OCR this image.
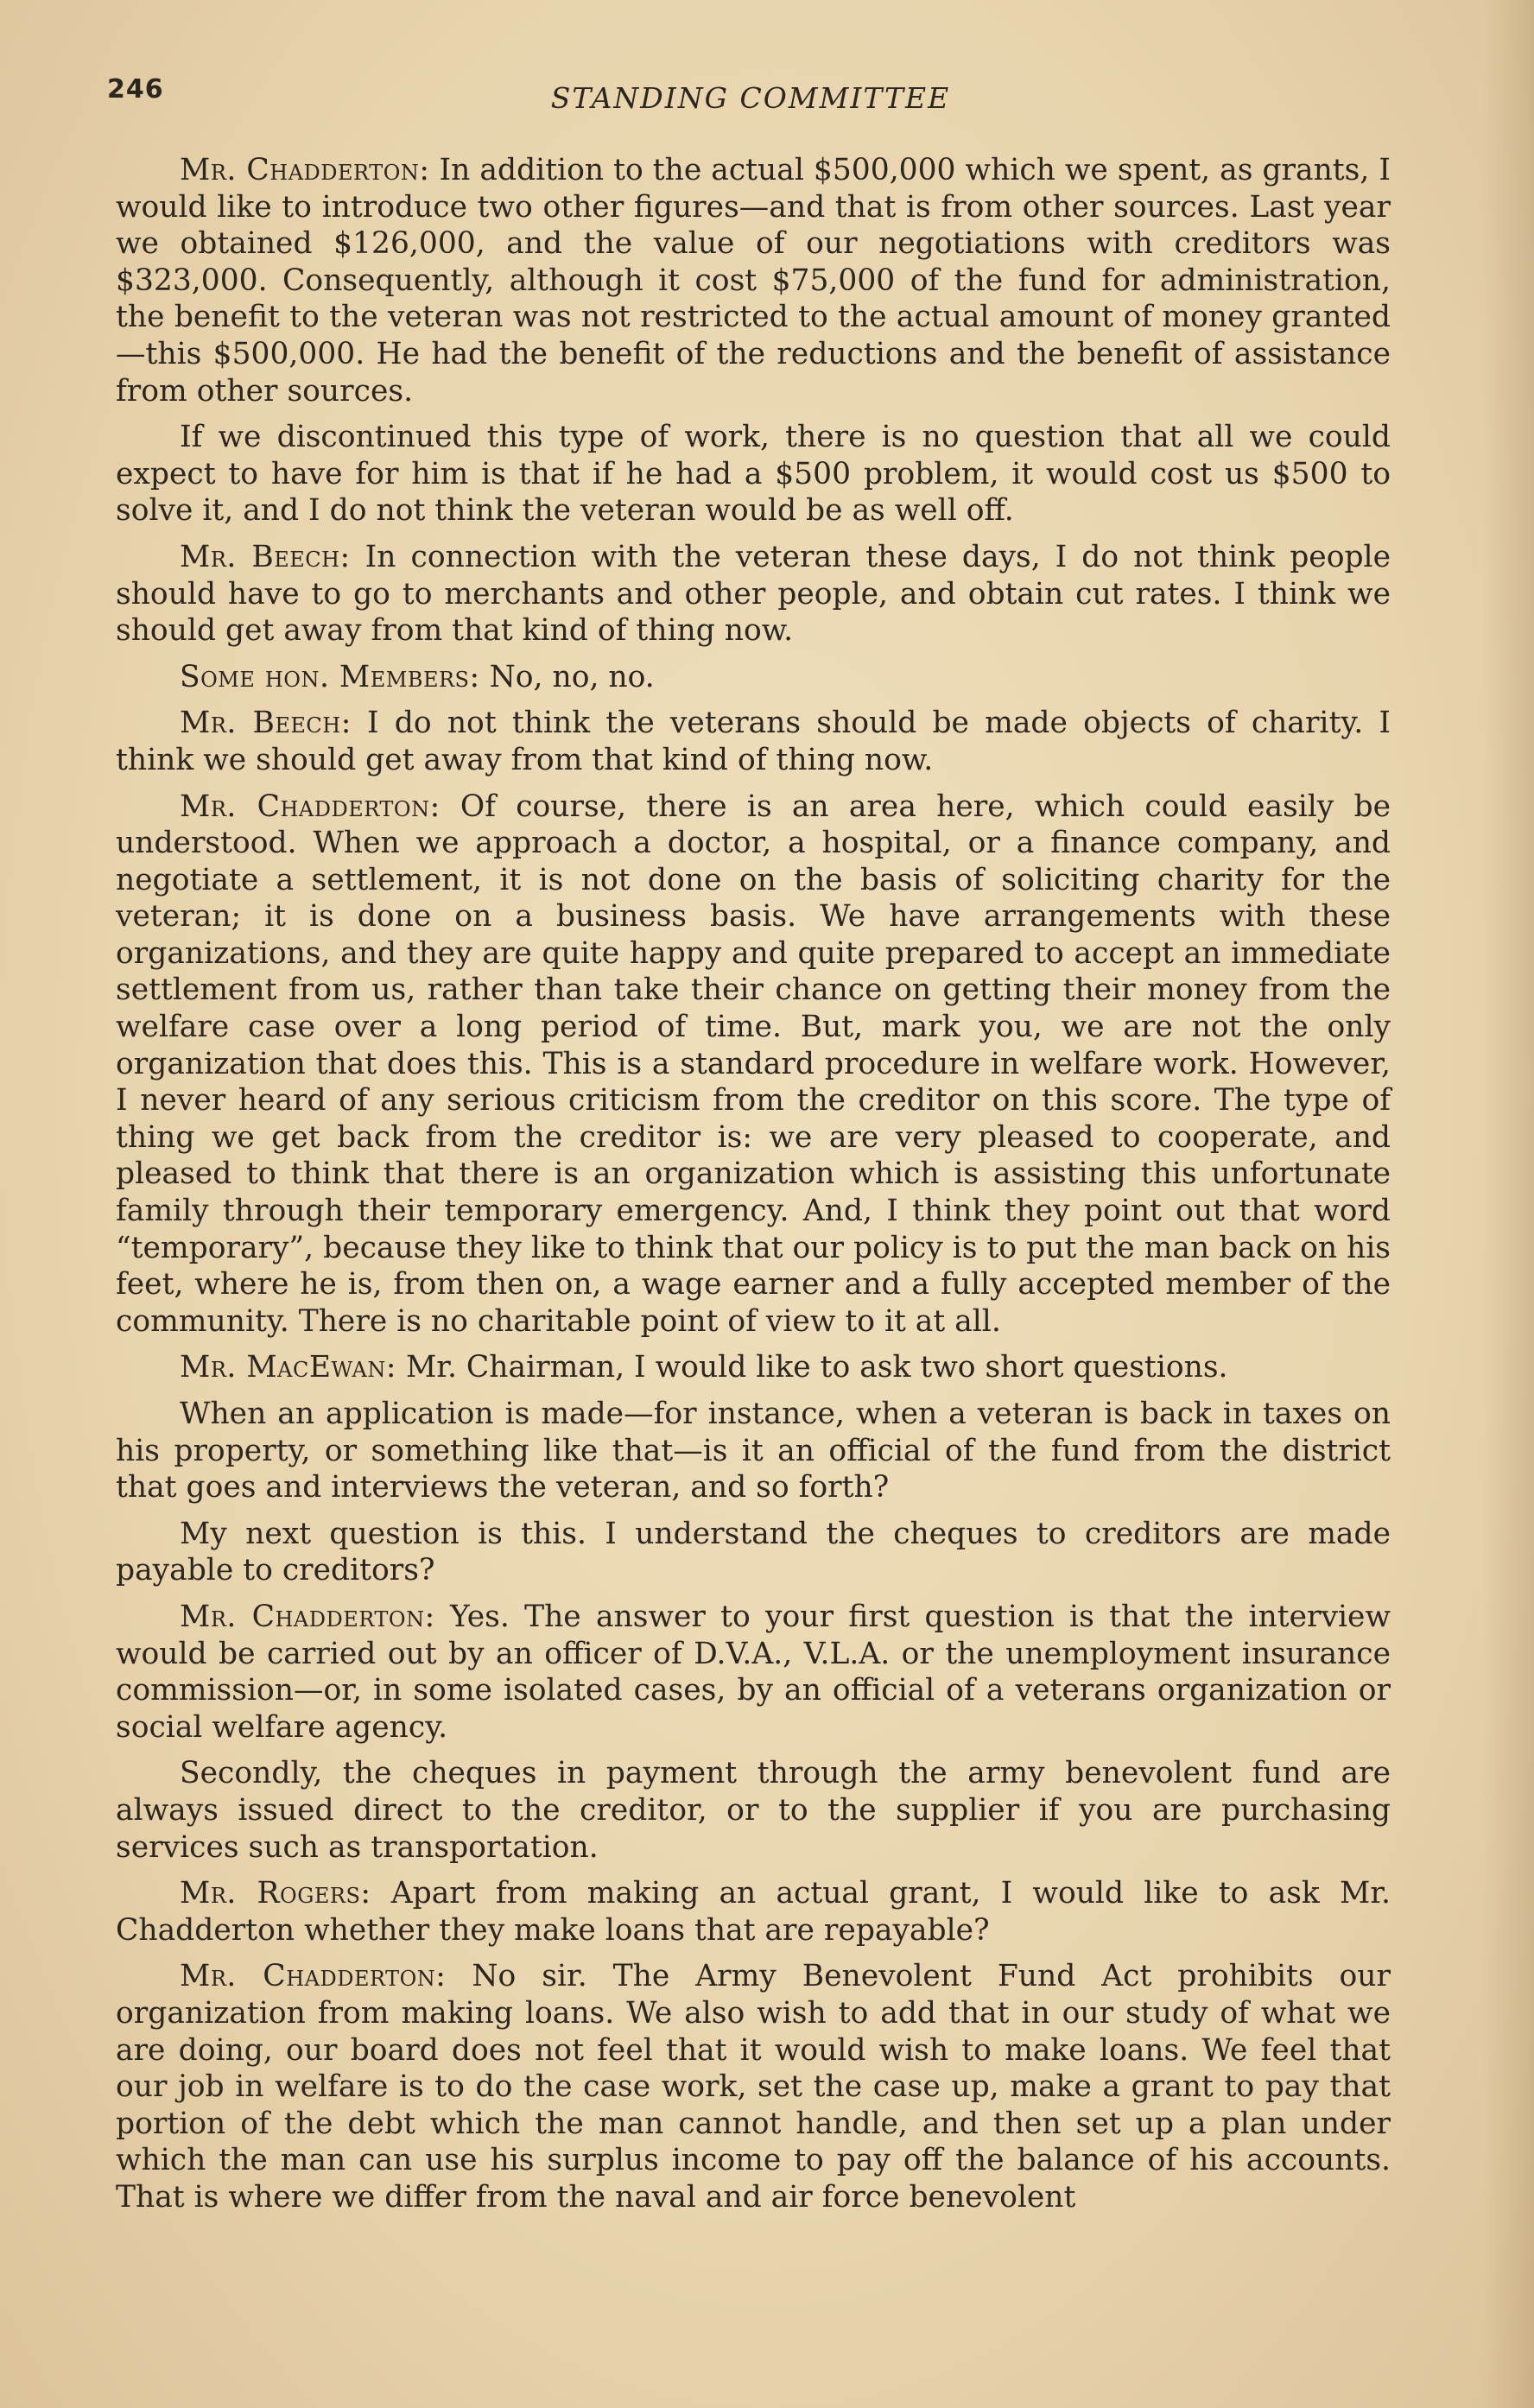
246	STANDING COMMITTEE

Mr. Chadderton: In addition to the actual $500,000 which we spent, as grants, I would like to introduce two other figures—and that is from other sources. Last year we obtained $126,000, and the value of our negotiations with creditors was $323,000. Consequently, although it cost $75,000 of the fund for administration, the benefit to the veteran was not restricted to the actual amount of money granted—this $500,000. He had the benefit of the reductions and the benefit of assistance from other sources.

If we discontinued this type of work, there is no question that all we could expect to have for him is that if he had a $500 problem, it would cost us $500 to solve it, and I do not think the veteran would be as well off.

Mr. Beech: In connection with the veteran these days, I do not think people should have to go to merchants and other people, and obtain cut rates. I think we should get away from that kind of thing now.

Some hon. Members: No, no, no.

Mr. Beech: I do not think the veterans should be made objects of charity. I think we should get away from that kind of thing now.

Mr. Chadderton: Of course, there is an area here, which could easily be understood. When we approach a doctor, a hospital, or a finance company, and negotiate a settlement, it is not done on the basis of soliciting charity for the veteran; it is done on a business basis. We have arrangements with these organizations, and they are quite happy and quite prepared to accept an immediate settlement from us, rather than take their chance on getting their money from the welfare case over a long period of time. But, mark you, we are not the only organization that does this. This is a standard procedure in welfare work. However, I never heard of any serious criticism from the creditor on this score. The type of thing we get back from the creditor is: we are very pleased to cooperate, and pleased to think that there is an organization which is assisting this unfortunate family through their temporary emergency. And, I think they point out that word “temporary”, because they like to think that our policy is to put the man back on his feet, where he is, from then on, a wage earner and a fully accepted member of the community. There is no charitable point of view to it at all.

Mr. MacEwan: Mr. Chairman, I would like to ask two short questions.

When an application is made—for instance, when a veteran is back in taxes on his property, or something like that—is it an official of the fund from the district that goes and interviews the veteran, and so forth?

My next question is this. I understand the cheques to creditors are made payable to creditors?

Mr. Chadderton: Yes. The answer to your first question is that the interview would be carried out by an officer of D.V.A., V.L.A. or the unemployment insurance commission—or, in some isolated cases, by an official of a veterans organization or social welfare agency.

Secondly, the cheques in payment through the army benevolent fund are always issued direct to the creditor, or to the supplier if you are purchasing services such as transportation.

Mr. Rogers: Apart from making an actual grant, I would like to ask Mr. Chadderton whether they make loans that are repayable?

Mr. Chadderton: No sir. The Army Benevolent Fund Act prohibits our organization from making loans. We also wish to add that in our study of what we are doing, our board does not feel that it would wish to make loans. We feel that our job in welfare is to do the case work, set the case up, make a grant to pay that portion of the debt which the man cannot handle, and then set up a plan under which the man can use his surplus income to pay off the balance of his accounts. That is where we differ from the naval and air force benevolent
